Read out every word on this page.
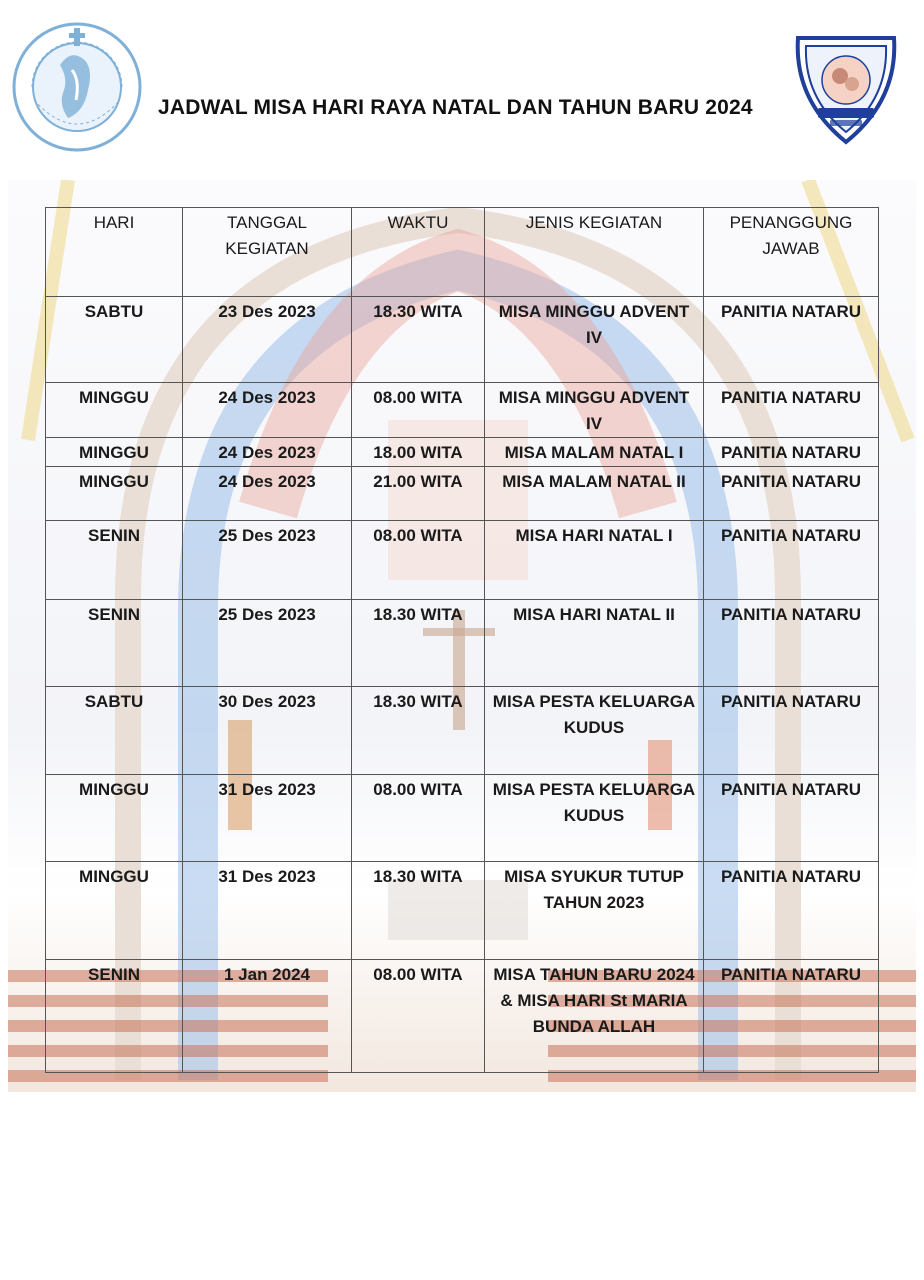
JADWAL MISA HARI RAYA NATAL DAN TAHUN BARU 2024
HARI	TANGGAL KEGIATAN	WAKTU	JENIS KEGIATAN	PENANGGUNG JAWAB
SABTU	23 Des 2023	18.30 WITA	MISA MINGGU ADVENT IV	PANITIA NATARU
MINGGU	24 Des 2023	08.00 WITA	MISA MINGGU ADVENT IV	PANITIA NATARU
MINGGU	24 Des 2023	18.00 WITA	MISA MALAM NATAL I	PANITIA NATARU
MINGGU	24 Des 2023	21.00 WITA	MISA MALAM NATAL II	PANITIA NATARU
SENIN	25 Des 2023	08.00 WITA	MISA HARI NATAL I	PANITIA NATARU
SENIN	25 Des 2023	18.30 WITA	MISA HARI NATAL II	PANITIA NATARU
SABTU	30 Des 2023	18.30 WITA	MISA PESTA KELUARGA KUDUS	PANITIA NATARU
MINGGU	31 Des 2023	08.00 WITA	MISA PESTA KELUARGA KUDUS	PANITIA NATARU
MINGGU	31 Des 2023	18.30 WITA	MISA SYUKUR TUTUP TAHUN 2023	PANITIA NATARU
SENIN	1 Jan 2024	08.00 WITA	MISA TAHUN BARU 2024 & MISA HARI St MARIA BUNDA ALLAH	PANITIA NATARU
